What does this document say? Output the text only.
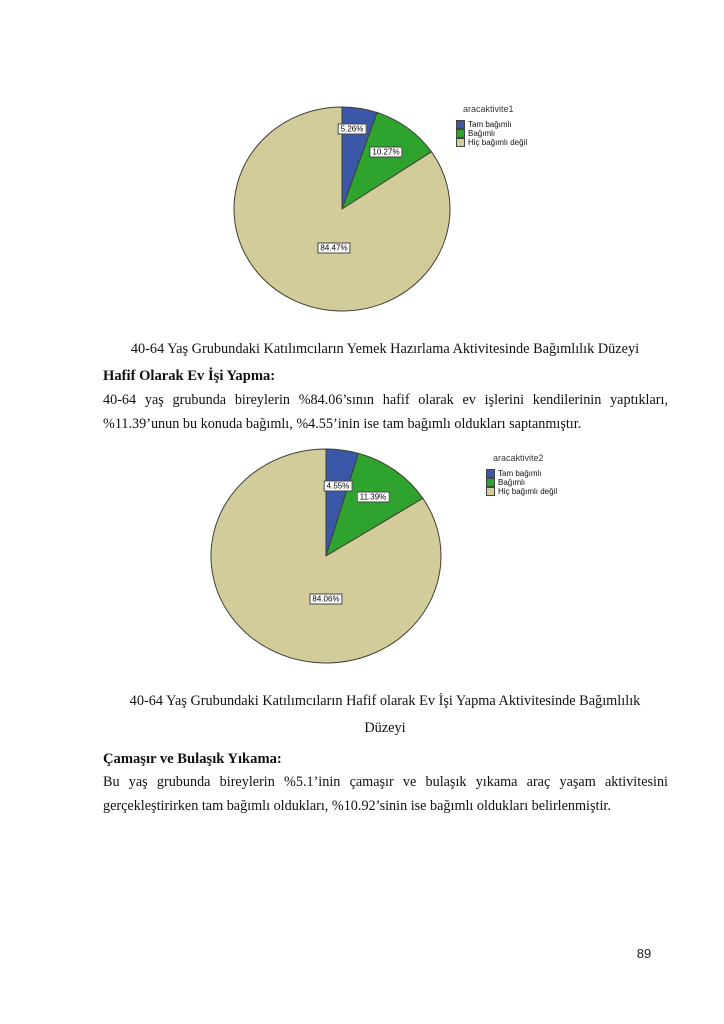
aracaktivite1
Tam bağımlı
Bağımlı
Hiç bağımlı değil
5.26%
10.27%
84.47%
40-64 Yaş Grubundaki Katılımcıların Yemek Hazırlama Aktivitesinde Bağımlılık Düzeyi
Hafif Olarak Ev İşi Yapma:
40-64 yaş grubunda bireylerin %84.06’sının hafif olarak ev işlerini kendilerinin yaptıkları,
%11.39’unun bu konuda bağımlı, %4.55’inin ise tam bağımlı oldukları saptanmıştır.
aracaktivite2
Tam bağımlı
Bağımlı
Hiç bağımlı değil
4.55%
11.39%
84.06%
40-64 Yaş Grubundaki Katılımcıların Hafif olarak Ev İşi Yapma Aktivitesinde Bağımlılık
Düzeyi
Çamaşır ve Bulaşık Yıkama:
Bu yaş grubunda bireylerin %5.1’inin çamaşır ve bulaşık yıkama araç yaşam aktivitesini
gerçekleştirirken tam bağımlı oldukları, %10.92’sinin ise bağımlı oldukları belirlenmiştir.
89
